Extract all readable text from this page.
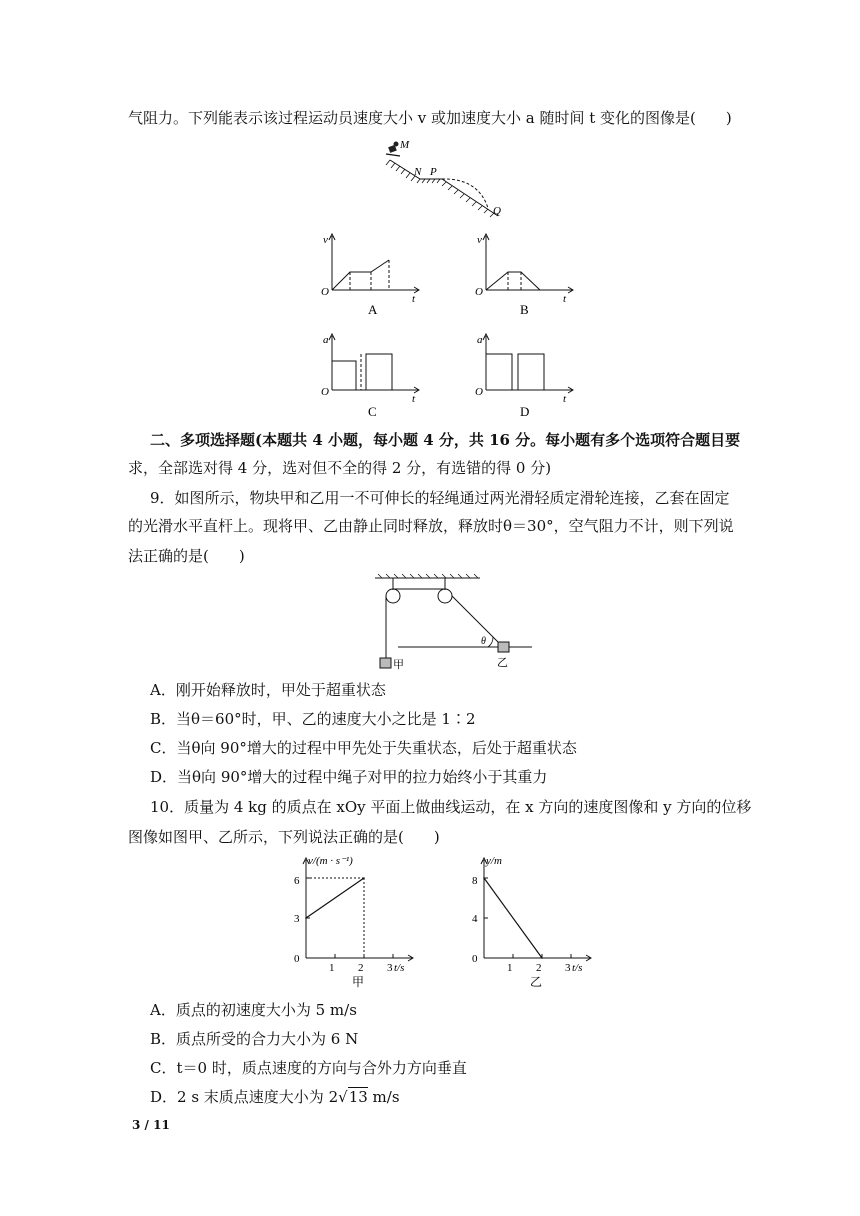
气阻力。下列能表示该过程运动员速度大小 v 或加速度大小 a 随时间 t 变化的图像是(　　)
M
N P
Q
v
O
t
A
v
O
t
B
a
O
t
C
a
O
t
D
二、多项选择题(本题共 4 小题，每小题 4 分，共 16 分。每小题有多个选项符合题目要
求，全部选对得 4 分，选对但不全的得 2 分，有选错的得 0 分)
9．如图所示，物块甲和乙用一不可伸长的轻绳通过两光滑轻质定滑轮连接，乙套在固定
的光滑水平直杆上。现将甲、乙由静止同时释放，释放时θ＝30°，空气阻力不计，则下列说
法正确的是(　　)
甲	乙
θ
A．刚开始释放时，甲处于超重状态
B．当θ＝60°时，甲、乙的速度大小之比是 1∶2
C．当θ向 90°增大的过程中甲先处于失重状态，后处于超重状态
D．当θ向 90°增大的过程中绳子对甲的拉力始终小于其重力
10．质量为 4 kg 的质点在 xOy 平面上做曲线运动，在 x 方向的速度图像和 y 方向的位移
图像如图甲、乙所示，下列说法正确的是(　　)
v/(m · s⁻¹)
6
3
0
1 2 3 t/s
甲
y/m
8
4
0
1 2 3 t/s
乙
A．质点的初速度大小为 5 m/s
B．质点所受的合力大小为 6 N
C．t＝0 时，质点速度的方向与合外力方向垂直
D．2 s 末质点速度大小为 2√13 m/s
3 / 11
